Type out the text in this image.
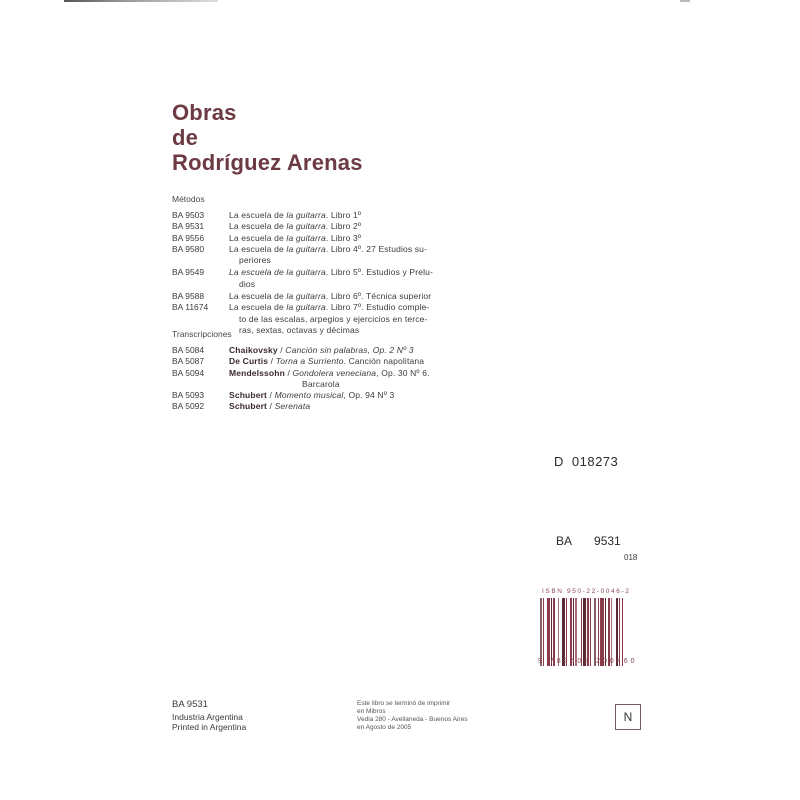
Obras
de
Rodríguez Arenas
Métodos
BA 9503	La escuela de la guitarra. Libro 1º
BA 9531	La escuela de la guitarra. Libro 2º
BA 9556	La escuela de la guitarra. Libro 3º
BA 9580	La escuela de la guitarra. Libro 4º. 27 Estudios su-
periores
BA 9549	La escuela de la guitarra. Libro 5º. Estudios y Prelu-
dios
BA 9588	La escuela de la guitarra. Libro 6º. Técnica superior
BA 11674	La escuela de la guitarra. Libro 7º. Estudio comple-
to de las escalas, arpegios y ejercicios en terce-
ras, sextas, octavas y décimas
Transcripciones
BA 5084	Chaikovsky / Canción sin palabras, Op. 2 Nº 3
BA 5087	De Curtis / Torna a Surriento. Canción napolitana
BA 5094	Mendelssohn / Gondolera veneciana, Op. 30 Nº 6.
Barcarola
BA 5093	Schubert / Momento musical, Op. 94 Nº 3
BA 5092	Schubert / Serenata
D 018273
BA 9531
018
ISBN 950-22-0046-2
9 789502 200460
BA 9531
Industria Argentina
Printed in Argentina
Este libro se terminó de imprimir
en Mibros
Vedia 280 - Avellaneda - Buenos Aires
en Agosto de 2005
N
